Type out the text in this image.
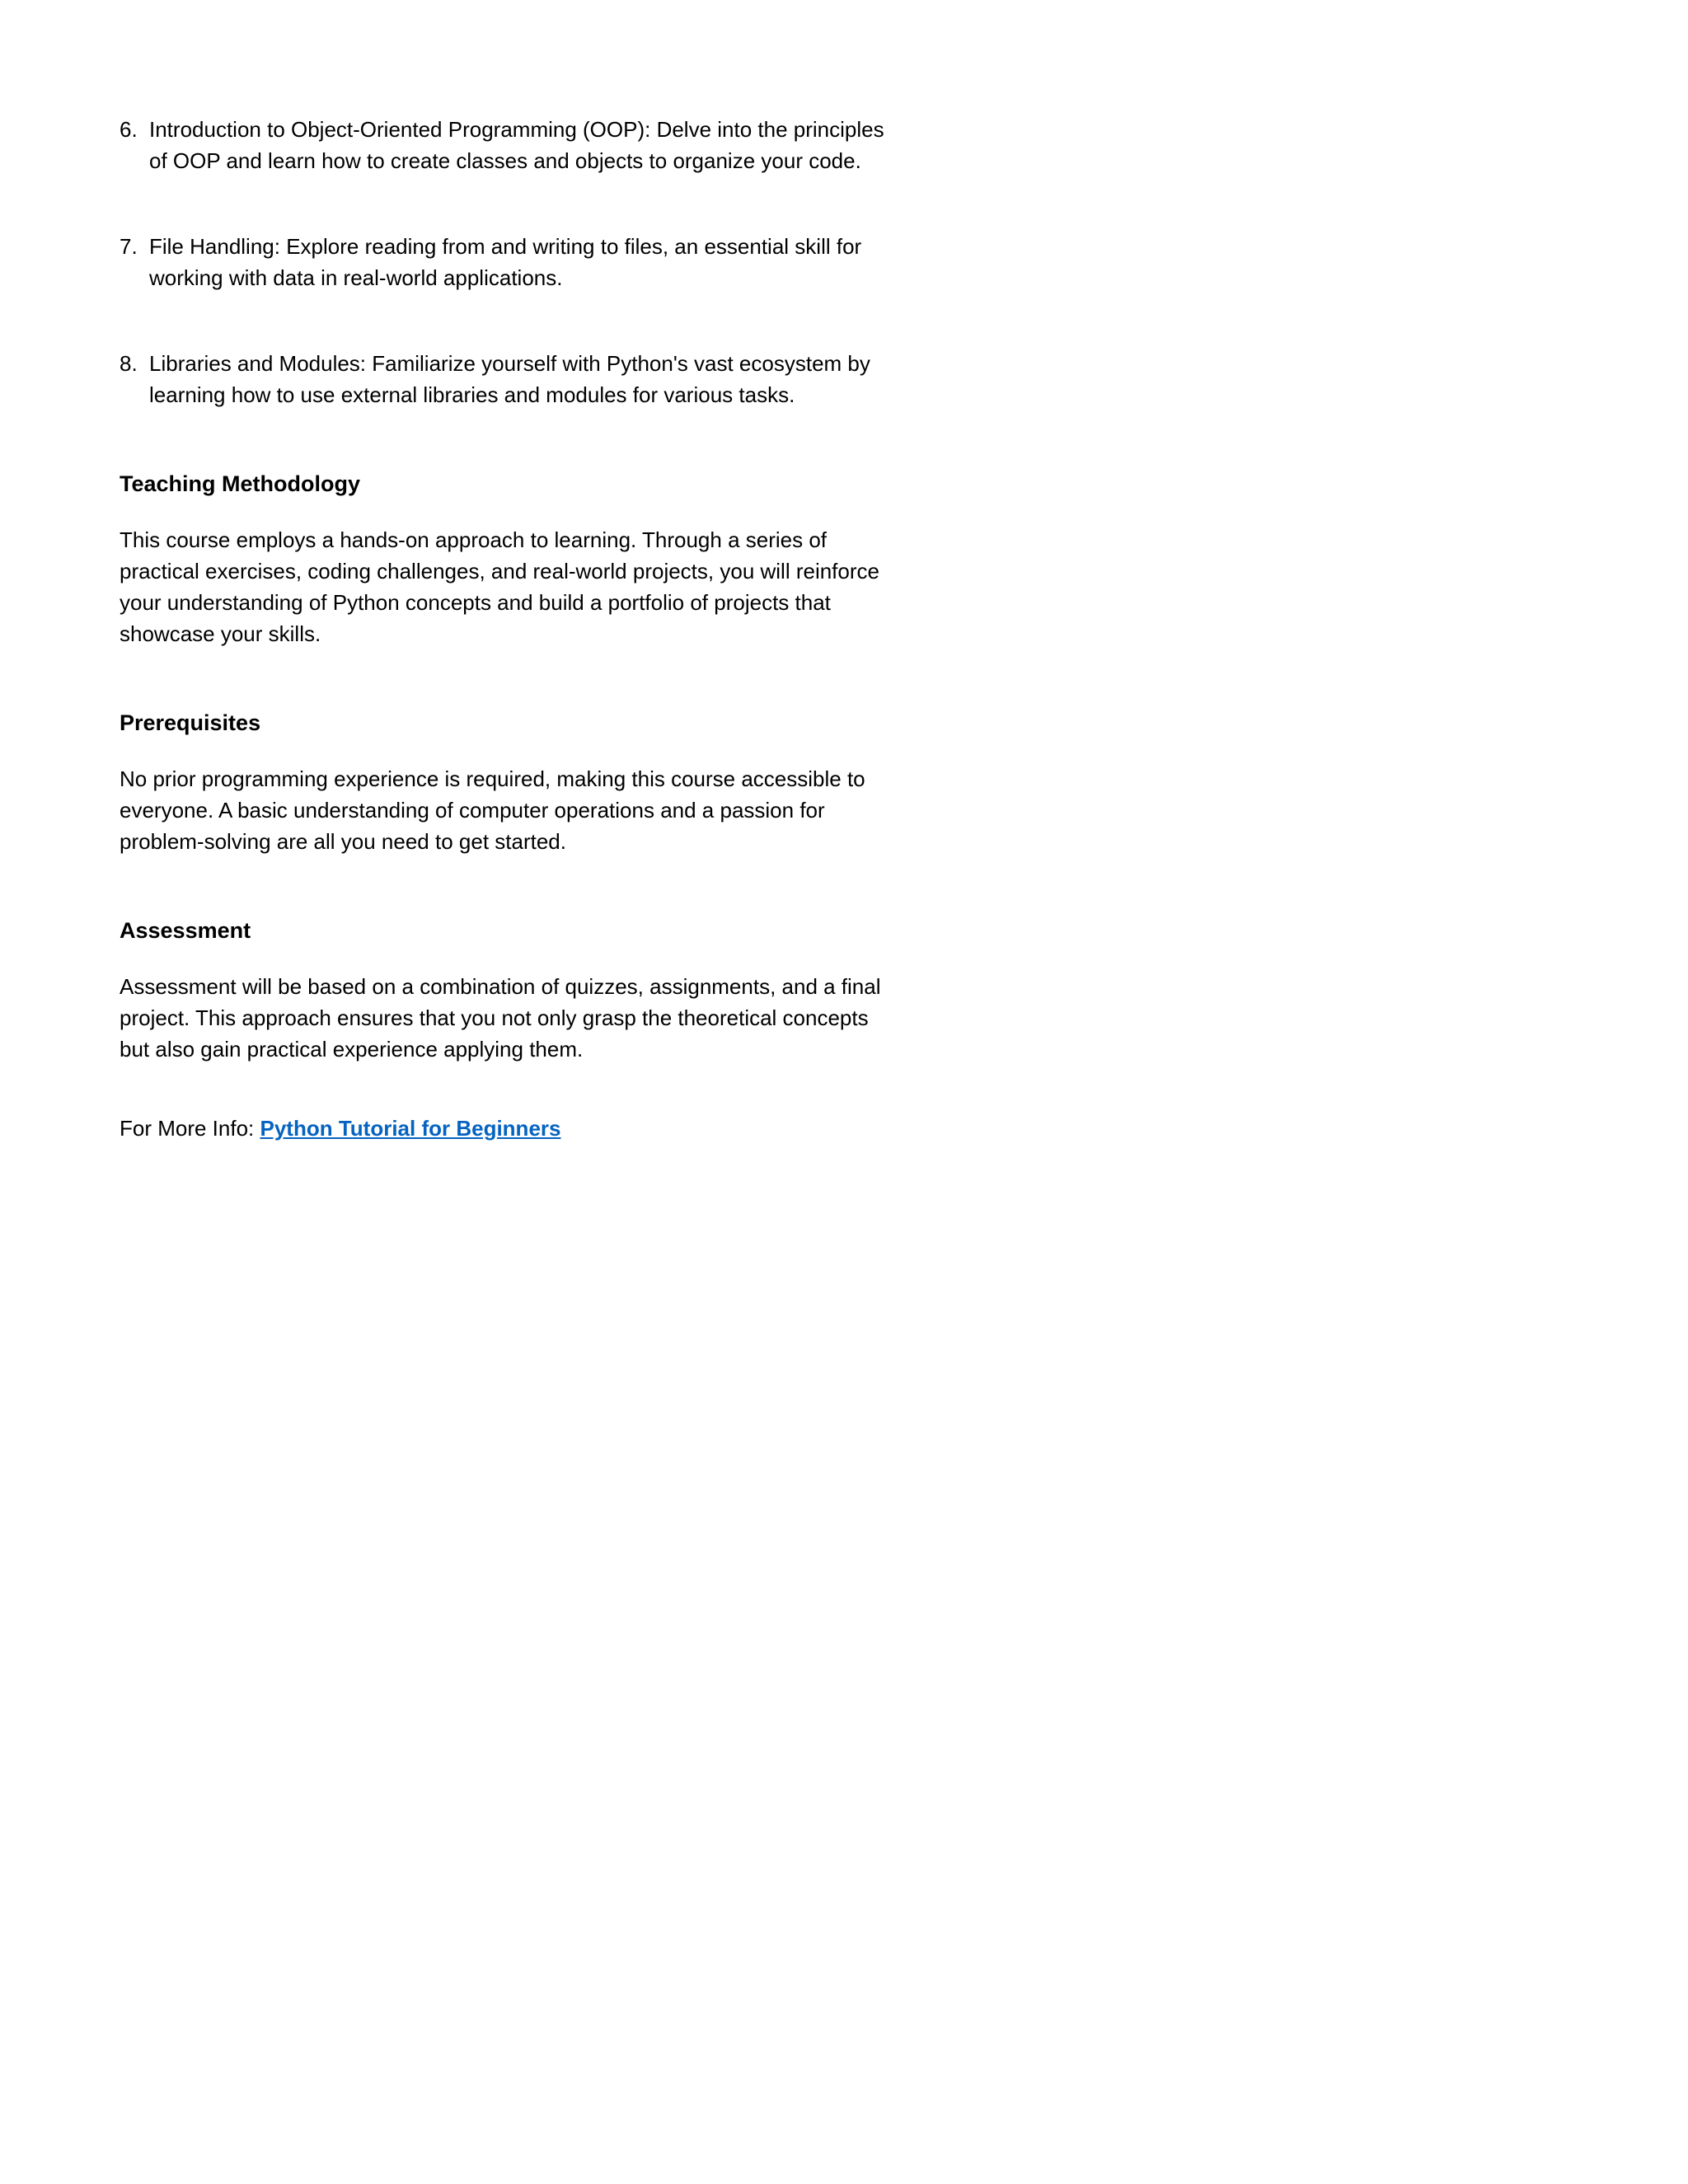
6. Introduction to Object-Oriented Programming (OOP): Delve into the principles of OOP and learn how to create classes and objects to organize your code.
7. File Handling: Explore reading from and writing to files, an essential skill for working with data in real-world applications.
8. Libraries and Modules: Familiarize yourself with Python's vast ecosystem by learning how to use external libraries and modules for various tasks.
Teaching Methodology

This course employs a hands-on approach to learning. Through a series of practical exercises, coding challenges, and real-world projects, you will reinforce your understanding of Python concepts and build a portfolio of projects that showcase your skills.

Prerequisites

No prior programming experience is required, making this course accessible to everyone. A basic understanding of computer operations and a passion for problem-solving are all you need to get started.

Assessment

Assessment will be based on a combination of quizzes, assignments, and a final project. This approach ensures that you not only grasp the theoretical concepts but also gain practical experience applying them.

For More Info: Python Tutorial for Beginners
